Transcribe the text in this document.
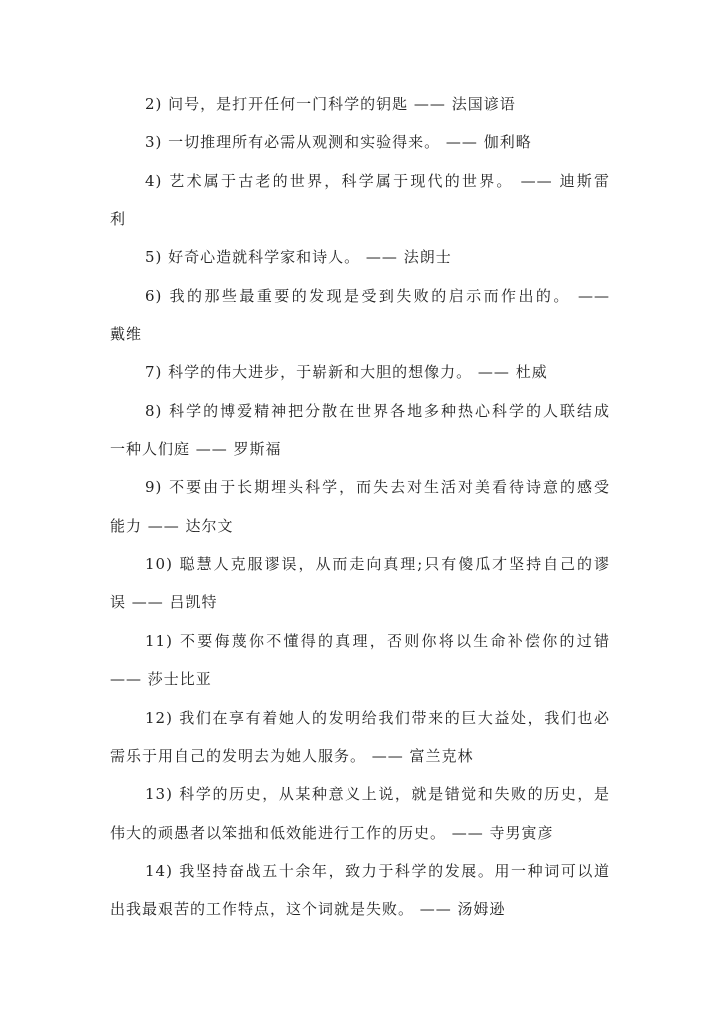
2) 问号，是打开任何一门科学的钥匙 —— 法国谚语
3) 一切推理所有必需从观测和实验得来。 —— 伽利略
4) 艺术属于古老的世界，科学属于现代的世界。 —— 迪斯雷
利
5) 好奇心造就科学家和诗人。 —— 法朗士
6) 我的那些最重要的发现是受到失败的启示而作出的。 ——
戴维
7) 科学的伟大进步，于崭新和大胆的想像力。 —— 杜威
8) 科学的博爱精神把分散在世界各地多种热心科学的人联结成
一种人们庭 —— 罗斯福
9) 不要由于长期埋头科学，而失去对生活对美看待诗意的感受
能力 —— 达尔文
10) 聪慧人克服谬误，从而走向真理;只有傻瓜才坚持自己的谬
误 —— 吕凯特
11) 不要侮蔑你不懂得的真理，否则你将以生命补偿你的过错
—— 莎士比亚
12) 我们在享有着她人的发明给我们带来的巨大益处，我们也必
需乐于用自己的发明去为她人服务。 —— 富兰克林
13) 科学的历史，从某种意义上说，就是错觉和失败的历史，是
伟大的顽愚者以笨拙和低效能进行工作的历史。 —— 寺男寅彦
14) 我坚持奋战五十余年，致力于科学的发展。用一种词可以道
出我最艰苦的工作特点，这个词就是失败。 —— 汤姆逊
